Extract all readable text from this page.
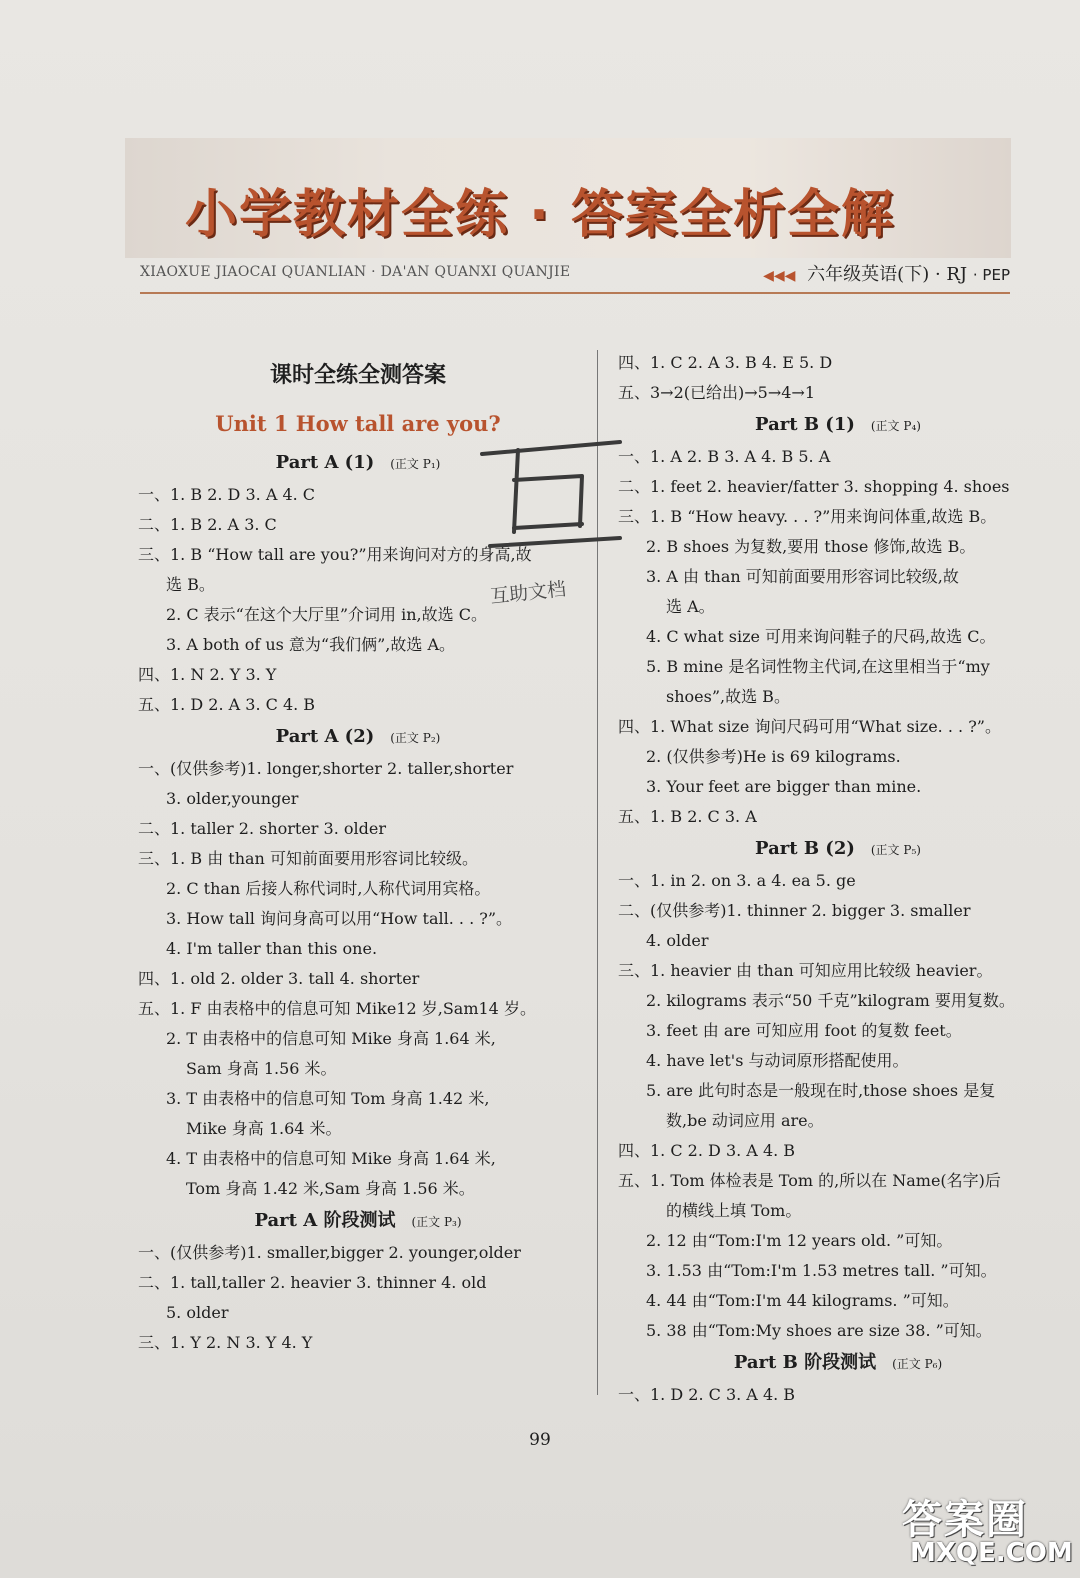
小学教材全练 · 答案全析全解
XIAOXUE JIAOCAI QUANLIAN · DA'AN QUANXI QUANJIE	◀◀◀ 六年级英语(下) · RJ · PEP
课时全练全测答案
Unit 1 How tall are you?
Part A (1) (正文 P₁)
一、1. B 2. D 3. A 4. C
二、1. B 2. A 3. C
三、1. B “How tall are you?”用来询问对方的身高,故
选 B。
2. C 表示“在这个大厅里”介词用 in,故选 C。
3. A both of us 意为“我们俩”,故选 A。
四、1. N 2. Y 3. Y
五、1. D 2. A 3. C 4. B
Part A (2) (正文 P₂)
一、(仅供参考)1. longer,shorter 2. taller,shorter
3. older,younger
二、1. taller 2. shorter 3. older
三、1. B 由 than 可知前面要用形容词比较级。
2. C than 后接人称代词时,人称代词用宾格。
3. How tall 询问身高可以用“How tall. . . ?”。
4. I'm taller than this one.
四、1. old 2. older 3. tall 4. shorter
五、1. F 由表格中的信息可知 Mike12 岁,Sam14 岁。
2. T 由表格中的信息可知 Mike 身高 1.64 米,
Sam 身高 1.56 米。
3. T 由表格中的信息可知 Tom 身高 1.42 米,
Mike 身高 1.64 米。
4. T 由表格中的信息可知 Mike 身高 1.64 米,
Tom 身高 1.42 米,Sam 身高 1.56 米。
Part A 阶段测试 (正文 P₃)
一、(仅供参考)1. smaller,bigger 2. younger,older
二、1. tall,taller 2. heavier 3. thinner 4. old
5. older
三、1. Y 2. N 3. Y 4. Y
四、1. C 2. A 3. B 4. E 5. D
五、3→2(已给出)→5→4→1
Part B (1) (正文 P₄)
一、1. A 2. B 3. A 4. B 5. A
二、1. feet 2. heavier/fatter 3. shopping 4. shoes
三、1. B “How heavy. . . ?”用来询问体重,故选 B。
2. B shoes 为复数,要用 those 修饰,故选 B。
3. A 由 than 可知前面要用形容词比较级,故
选 A。
4. C what size 可用来询问鞋子的尺码,故选 C。
5. B mine 是名词性物主代词,在这里相当于“my
shoes”,故选 B。
四、1. What size 询问尺码可用“What size. . . ?”。
2. (仅供参考)He is 69 kilograms.
3. Your feet are bigger than mine.
五、1. B 2. C 3. A
Part B (2) (正文 P₅)
一、1. in 2. on 3. a 4. ea 5. ge
二、(仅供参考)1. thinner 2. bigger 3. smaller
4. older
三、1. heavier 由 than 可知应用比较级 heavier。
2. kilograms 表示“50 千克”kilogram 要用复数。
3. feet 由 are 可知应用 foot 的复数 feet。
4. have let's 与动词原形搭配使用。
5. are 此句时态是一般现在时,those shoes 是复
数,be 动词应用 are。
四、1. C 2. D 3. A 4. B
五、1. Tom 体检表是 Tom 的,所以在 Name(名字)后
的横线上填 Tom。
2. 12 由“Tom:I'm 12 years old. ”可知。
3. 1.53 由“Tom:I'm 1.53 metres tall. ”可知。
4. 44 由“Tom:I'm 44 kilograms. ”可知。
5. 38 由“Tom:My shoes are size 38. ”可知。
Part B 阶段测试 (正文 P₆)
一、1. D 2. C 3. A 4. B
互助文档
99
答案圈
MXQE.COM
